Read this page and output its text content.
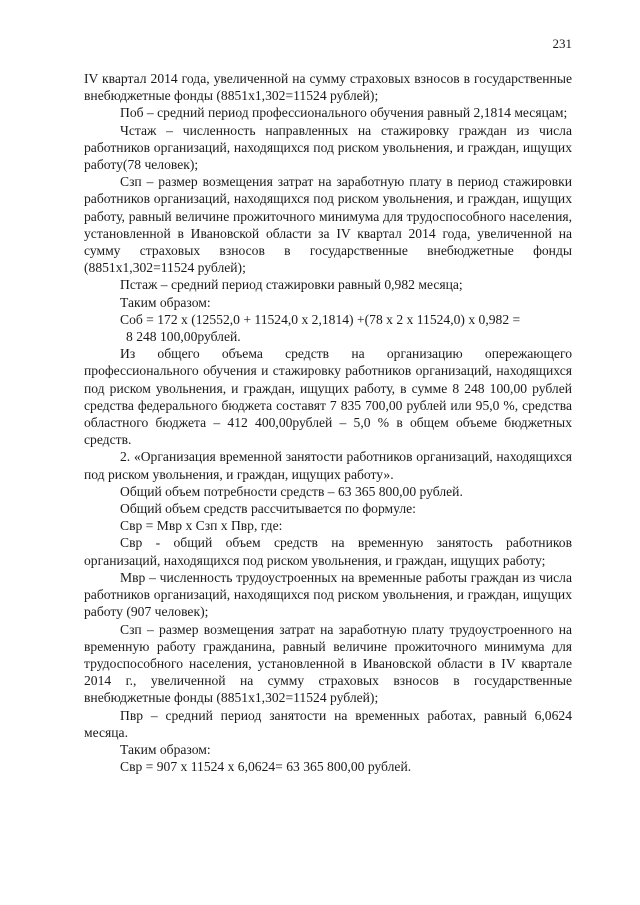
231

IV квартал 2014 года, увеличенной на сумму страховых взносов в государственные внебюджетные фонды (8851х1,302=11524 рублей);

Поб – средний период профессионального обучения равный 2,1814 месяцам;

Чстаж – численность направленных на стажировку граждан из числа работников организаций, находящихся под риском увольнения, и граждан, ищущих работу(78 человек);

Сзп – размер возмещения затрат на заработную плату в период стажировки работников организаций, находящихся под риском увольнения, и граждан, ищущих работу, равный величине прожиточного минимума для трудоспособного населения, установленной в Ивановской области за IV квартал 2014 года, увеличенной на сумму страховых взносов в государственные внебюджетные фонды (8851х1,302=11524 рублей);

Пстаж – средний период стажировки равный 0,982 месяца;

Таким образом:

Соб = 172 х (12552,0 + 11524,0 х 2,1814) +(78 х 2 х 11524,0) х 0,982 =

8 248 100,00рублей.

Из общего объема средств на организацию опережающего профессионального обучения и стажировку работников организаций, находящихся под риском увольнения, и граждан, ищущих работу, в сумме 8 248 100,00 рублей средства федерального бюджета составят 7 835 700,00 рублей или 95,0 %, средства областного бюджета – 412 400,00рублей – 5,0 % в общем объеме бюджетных средств.

2. «Организация временной занятости работников организаций, находящихся под риском увольнения, и граждан, ищущих работу».

Общий объем потребности средств – 63 365 800,00 рублей.

Общий объем средств рассчитывается по формуле:

Свр = Мвр х Сзп х Пвр, где:

Свр - общий объем средств на временную занятость работников организаций, находящихся под риском увольнения, и граждан, ищущих работу;

Мвр – численность трудоустроенных на временные работы граждан из числа работников организаций, находящихся под риском увольнения, и граждан, ищущих работу (907 человек);

Сзп – размер возмещения затрат на заработную плату трудоустроенного на временную работу гражданина, равный величине прожиточного минимума для трудоспособного населения, установленной в Ивановской области в IV квартале 2014 г., увеличенной на сумму страховых взносов в государственные внебюджетные фонды (8851х1,302=11524 рублей);

Пвр – средний период занятости на временных работах, равный 6,0624 месяца.

Таким образом:

Свр = 907 х 11524 х 6,0624= 63 365 800,00 рублей.
